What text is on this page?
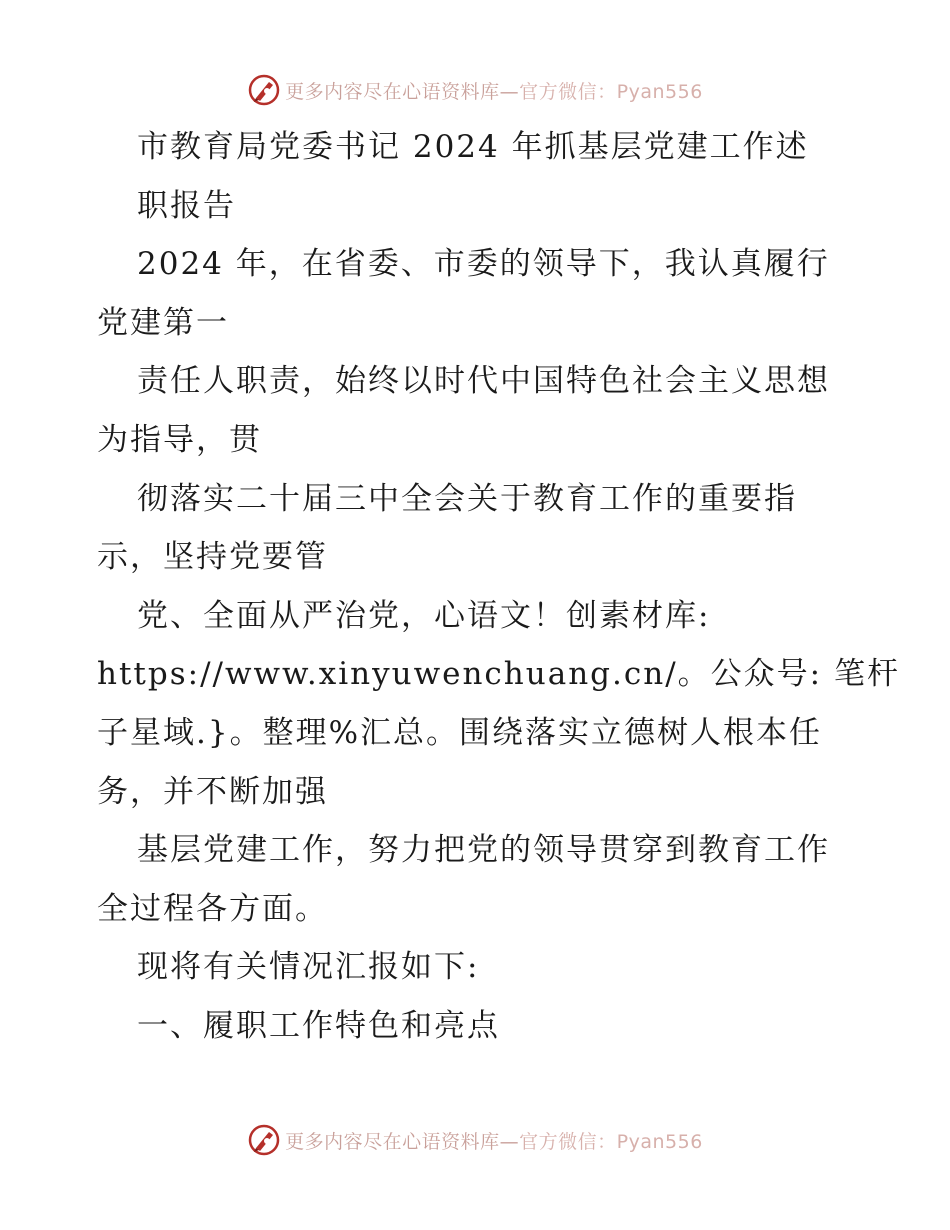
更多内容尽在心语资料库—官方微信：Pyan556
市教育局党委书记 2024 年抓基层党建工作述
职报告
2024 年，在省委、市委的领导下，我认真履行
党建第一
责任人职责，始终以时代中国特色社会主义思想
为指导，贯
彻落实二十届三中全会关于教育工作的重要指
示，坚持党要管
党、全面从严治党，心语文！创素材库:
https://www.xinyuwenchuang.cn/。公众号: 笔杆
子星域.}。整理%汇总。围绕落实立德树人根本任
务，并不断加强
基层党建工作，努力把党的领导贯穿到教育工作
全过程各方面。
现将有关情况汇报如下:
一、履职工作特色和亮点
更多内容尽在心语资料库—官方微信：Pyan556
